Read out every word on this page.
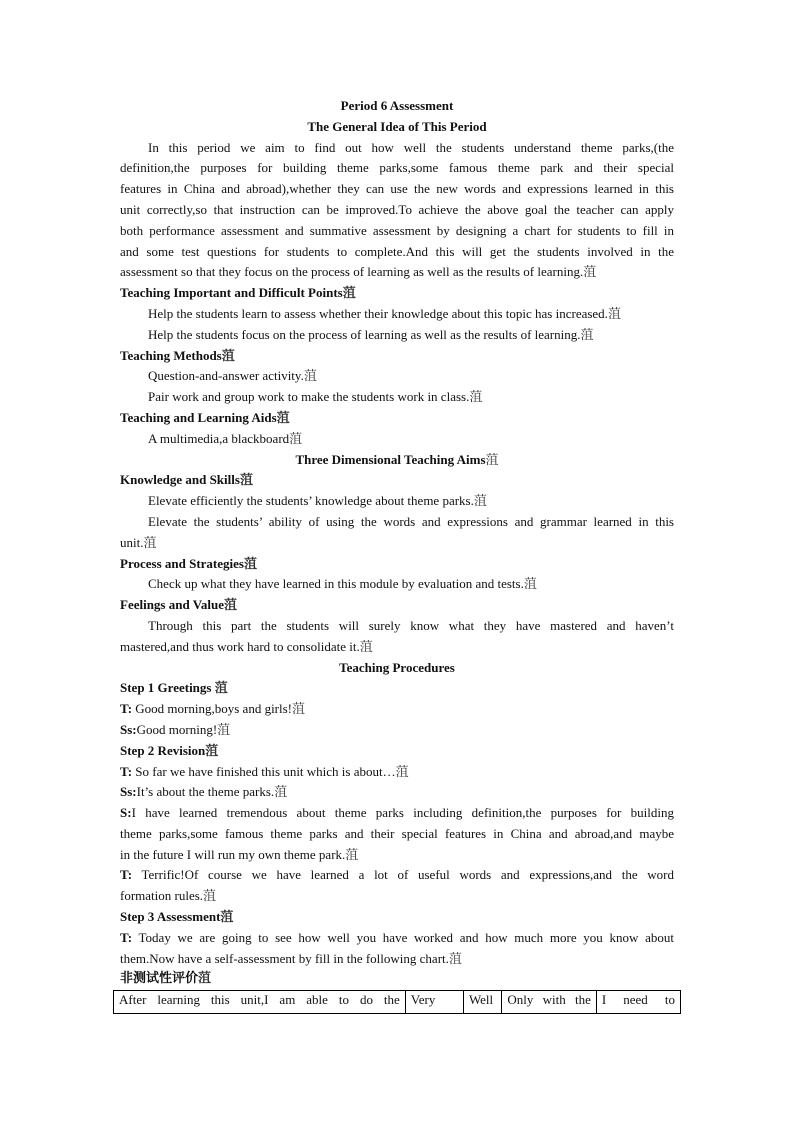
Period 6 Assessment
The General Idea of This Period
In this period we aim to find out how well the students understand theme parks,(the
definition,the purposes for building theme parks,some famous theme park and their special
features in China and abroad),whether they can use the new words and expressions learned in this
unit correctly,so that instruction can be improved.To achieve the above goal the teacher can apply
both performance assessment and summative assessment by designing a chart for students to fill in
and some test questions for students to complete.And this will get the students involved in the
assessment so that they focus on the process of learning as well as the results of learning.菹
Teaching Important and Difficult Points菹
Help the students learn to assess whether their knowledge about this topic has increased.菹
Help the students focus on the process of learning as well as the results of learning.菹
Teaching Methods菹
Question-and-answer activity.菹
Pair work and group work to make the students work in class.菹
Teaching and Learning Aids菹
A multimedia,a blackboard菹
Three Dimensional Teaching Aims菹
Knowledge and Skills菹
Elevate efficiently the students’ knowledge about theme parks.菹
Elevate the students’ ability of using the words and expressions and grammar learned in this
unit.菹
Process and Strategies菹
Check up what they have learned in this module by evaluation and tests.菹
Feelings and Value菹
Through this part the students will surely know what they have mastered and haven’t
mastered,and thus work hard to consolidate it.菹
Teaching Procedures
Step 1 Greetings 菹
T: Good morning,boys and girls!菹
Ss:Good morning!菹
Step 2 Revision菹
T: So far we have finished this unit which is about…菹
Ss:It’s about the theme parks.菹
S:I have learned tremendous about theme parks including definition,the purposes for building
theme parks,some famous theme parks and their special features in China and abroad,and maybe
in the future I will run my own theme park.菹
T: Terrific!Of course we have learned a lot of useful words and expressions,and the word
formation rules.菹
Step 3 Assessment菹
T: Today we are going to see how well you have worked and how much more you know about
them.Now have a self-assessment by fill in the following chart.菹
非测试性评价菹
After learning this unit,I am able to do the	Very	Well	Only with the	I need to
